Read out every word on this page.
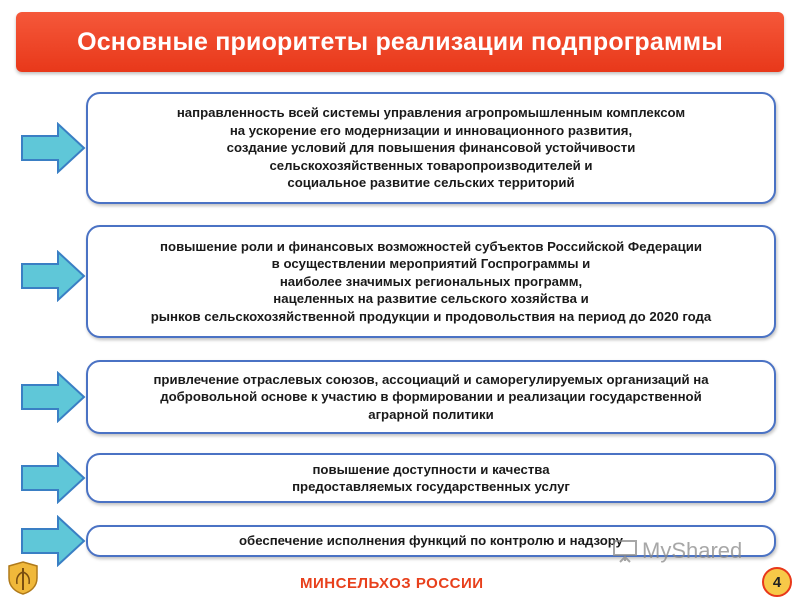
Основные приоритеты реализации подпрограммы
направленность всей системы управления агропромышленным комплексом
на ускорение его модернизации и инновационного развития,
создание условий для повышения финансовой устойчивости
сельскохозяйственных товаропроизводителей и
социальное развитие сельских территорий
повышение роли и финансовых возможностей субъектов Российской Федерации
в осуществлении мероприятий Госпрограммы и
наиболее значимых региональных программ,
нацеленных на развитие сельского хозяйства и
рынков сельскохозяйственной продукции и продовольствия на период до 2020 года
привлечение отраслевых союзов, ассоциаций и саморегулируемых организаций на
добровольной основе к участию в формировании и реализации государственной
аграрной политики
повышение доступности и качества
предоставляемых государственных услуг
обеспечение исполнения функций по контролю и надзору
МИНСЕЛЬХОЗ РОССИИ
MyShared
4
